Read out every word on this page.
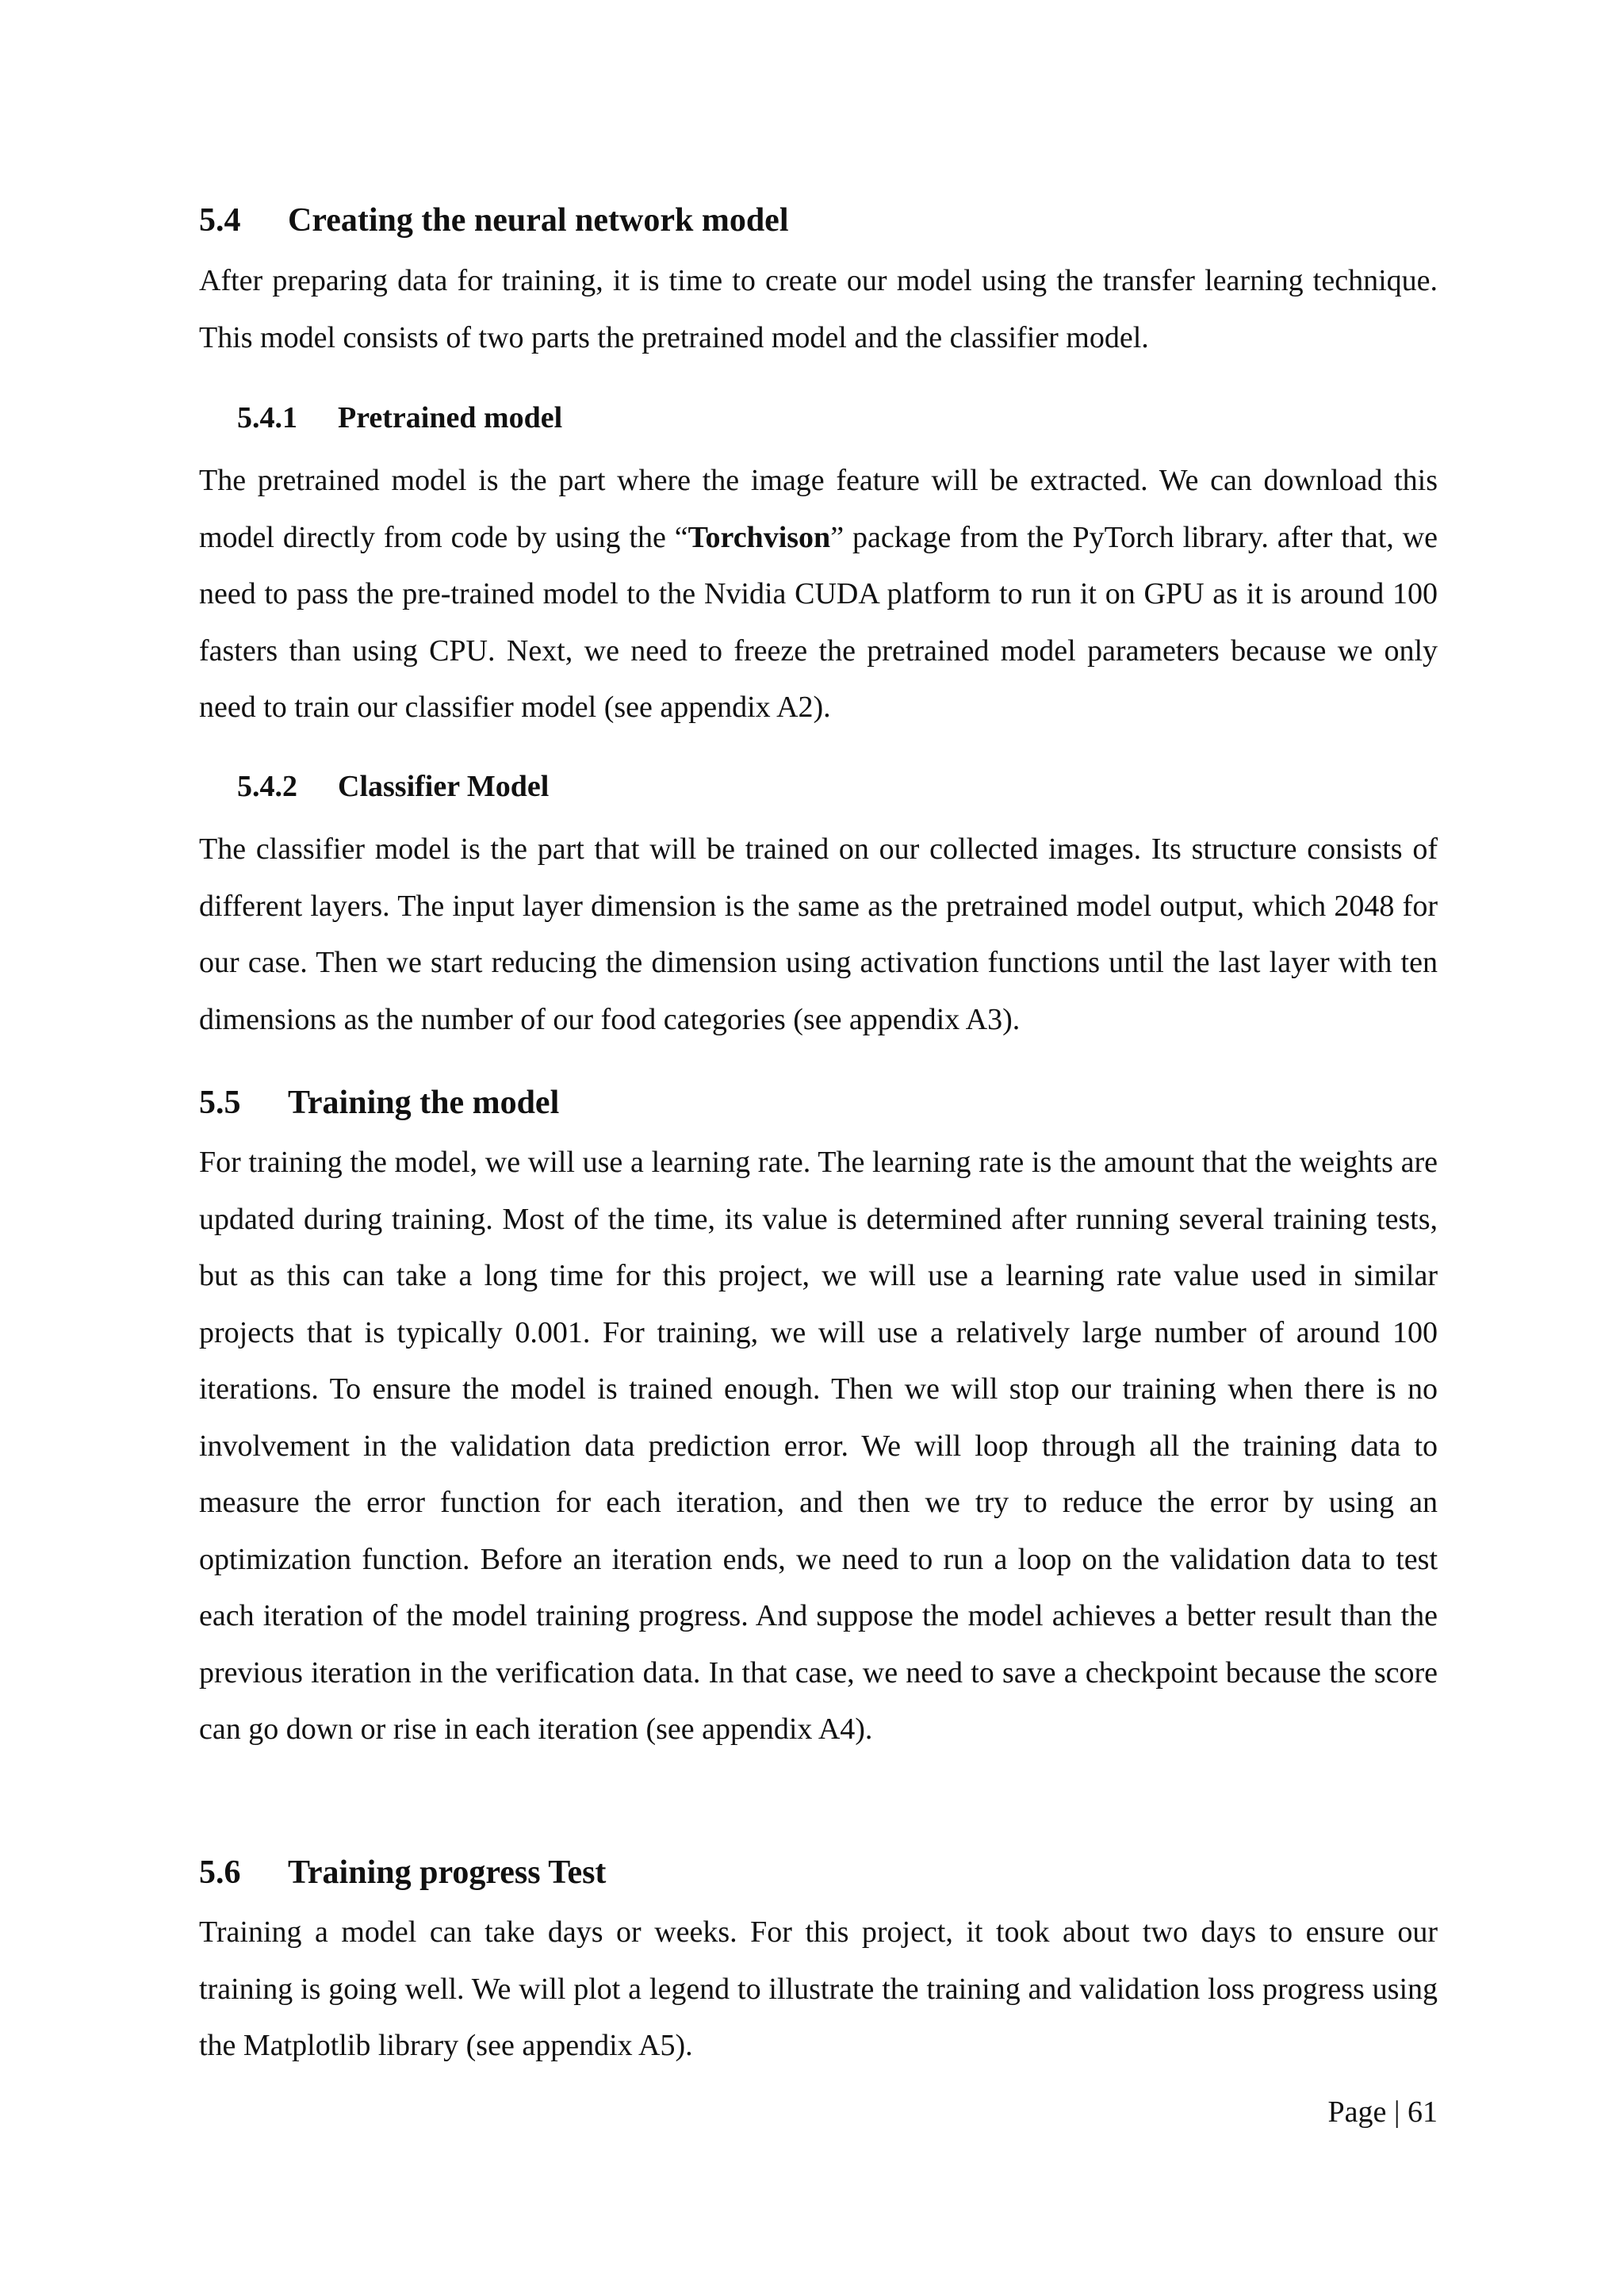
5.4 Creating the neural network model

After preparing data for training, it is time to create our model using the transfer learning technique. This model consists of two parts the pretrained model and the classifier model.

5.4.1 Pretrained model

The pretrained model is the part where the image feature will be extracted. We can download this model directly from code by using the “Torchvison” package from the PyTorch library. after that, we need to pass the pre-trained model to the Nvidia CUDA platform to run it on GPU as it is around 100 fasters than using CPU. Next, we need to freeze the pretrained model parameters because we only need to train our classifier model (see appendix A2).

5.4.2 Classifier Model

The classifier model is the part that will be trained on our collected images. Its structure consists of different layers. The input layer dimension is the same as the pretrained model output, which 2048 for our case. Then we start reducing the dimension using activation functions until the last layer with ten dimensions as the number of our food categories (see appendix A3).

5.5 Training the model

For training the model, we will use a learning rate. The learning rate is the amount that the weights are updated during training. Most of the time, its value is determined after running several training tests, but as this can take a long time for this project, we will use a learning rate value used in similar projects that is typically 0.001. For training, we will use a relatively large number of around 100 iterations. To ensure the model is trained enough. Then we will stop our training when there is no involvement in the validation data prediction error. We will loop through all the training data to measure the error function for each iteration, and then we try to reduce the error by using an optimization function. Before an iteration ends, we need to run a loop on the validation data to test each iteration of the model training progress. And suppose the model achieves a better result than the previous iteration in the verification data. In that case, we need to save a checkpoint because the score can go down or rise in each iteration (see appendix A4).

5.6 Training progress Test

Training a model can take days or weeks. For this project, it took about two days to ensure our training is going well. We will plot a legend to illustrate the training and validation loss progress using the Matplotlib library (see appendix A5).

Page | 61
